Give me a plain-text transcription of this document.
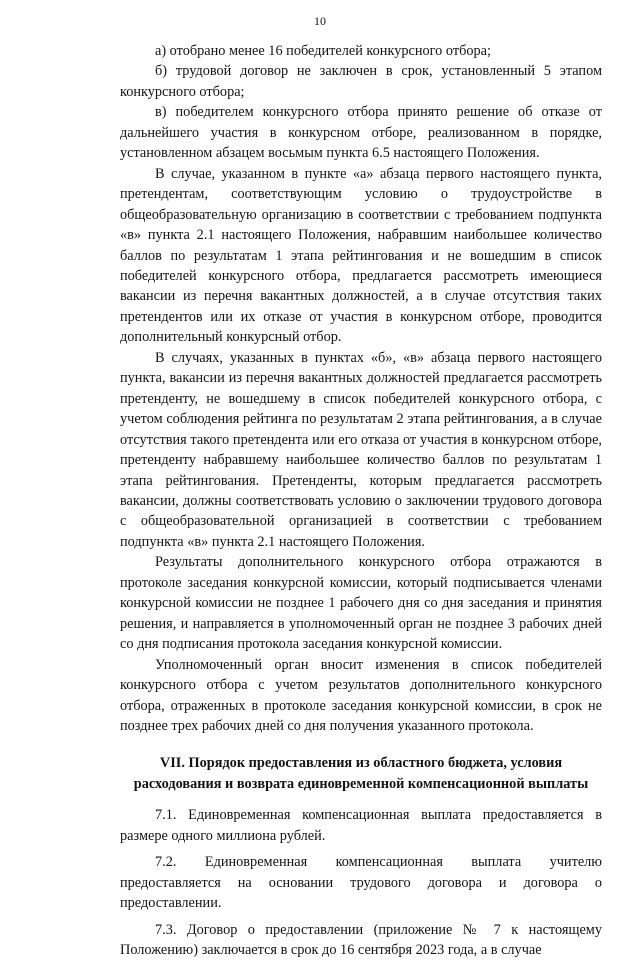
10

а) отобрано менее 16 победителей конкурсного отбора;

б) трудовой договор не заключен в срок, установленный 5 этапом конкурсного отбора;

в) победителем конкурсного отбора принято решение об отказе от дальнейшего участия в конкурсном отборе, реализованном в порядке, установленном абзацем восьмым пункта 6.5 настоящего Положения.

В случае, указанном в пункте «а» абзаца первого настоящего пункта, претендентам, соответствующим условию о трудоустройстве в общеобразовательную организацию в соответствии с требованием подпункта «в» пункта 2.1 настоящего Положения, набравшим наибольшее количество баллов по результатам 1 этапа рейтингования и не вошедшим в список победителей конкурсного отбора, предлагается рассмотреть имеющиеся вакансии из перечня вакантных должностей, а в случае отсутствия таких претендентов или их отказе от участия в конкурсном отборе, проводится дополнительный конкурсный отбор.

В случаях, указанных в пунктах «б», «в» абзаца первого настоящего пункта, вакансии из перечня вакантных должностей предлагается рассмотреть претенденту, не вошедшему в список победителей конкурсного отбора, с учетом соблюдения рейтинга по результатам 2 этапа рейтингования, а в случае отсутствия такого претендента или его отказа от участия в конкурсном отборе, претенденту набравшему наибольшее количество баллов по результатам 1 этапа рейтингования. Претенденты, которым предлагается рассмотреть вакансии, должны соответствовать условию о заключении трудового договора с общеобразовательной организацией в соответствии с требованием подпункта «в» пункта 2.1 настоящего Положения.

Результаты дополнительного конкурсного отбора отражаются в протоколе заседания конкурсной комиссии, который подписывается членами конкурсной комиссии не позднее 1 рабочего дня со дня заседания и принятия решения, и направляется в уполномоченный орган не позднее 3 рабочих дней со дня подписания протокола заседания конкурсной комиссии.

Уполномоченный орган вносит изменения в список победителей конкурсного отбора с учетом результатов дополнительного конкурсного отбора, отраженных в протоколе заседания конкурсной комиссии, в срок не позднее трех рабочих дней со дня получения указанного протокола.

VII. Порядок предоставления из областного бюджета, условия расходования и возврата единовременной компенсационной выплаты

7.1. Единовременная компенсационная выплата предоставляется в размере одного миллиона рублей.

7.2. Единовременная компенсационная выплата учителю предоставляется на основании трудового договора и договора о предоставлении.

7.3. Договор о предоставлении (приложение № 7 к настоящему Положению) заключается в срок до 16 сентября 2023 года, а в случае
